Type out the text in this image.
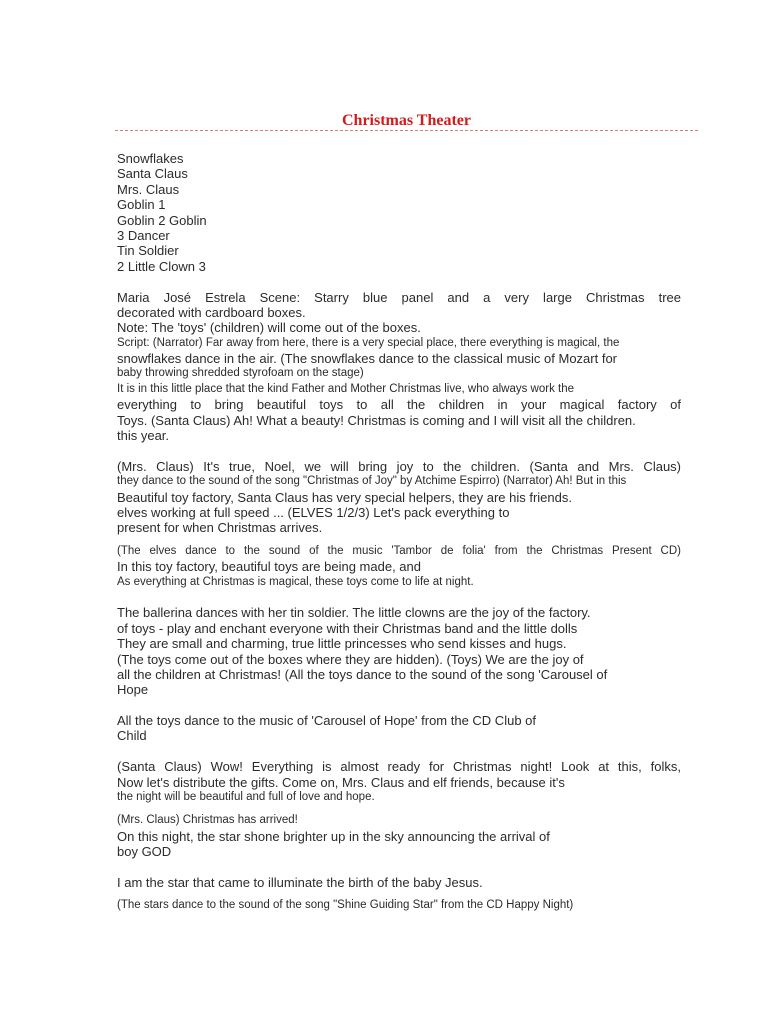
Christmas Theater
Snowflakes
Santa Claus
Mrs. Claus
Goblin 1
Goblin 2 Goblin
3 Dancer
Tin Soldier
2 Little Clown 3
Maria José Estrela Scene: Starry blue panel and a very large Christmas tree
decorated with cardboard boxes.
Note: The 'toys' (children) will come out of the boxes.
Script: (Narrator) Far away from here, there is a very special place, there everything is magical, the
snowflakes dance in the air. (The snowflakes dance to the classical music of Mozart for
baby throwing shredded styrofoam on the stage)
It is in this little place that the kind Father and Mother Christmas live, who always work the
everything to bring beautiful toys to all the children in your magical factory of
Toys. (Santa Claus) Ah! What a beauty! Christmas is coming and I will visit all the children.
this year.
(Mrs. Claus) It's true, Noel, we will bring joy to the children. (Santa and Mrs. Claus)
they dance to the sound of the song "Christmas of Joy" by Atchime Espirro) (Narrator) Ah! But in this
Beautiful toy factory, Santa Claus has very special helpers, they are his friends.
elves working at full speed ... (ELVES 1/2/3) Let's pack everything to
present for when Christmas arrives.
(The elves dance to the sound of the music 'Tambor de folia' from the Christmas Present CD)
In this toy factory, beautiful toys are being made, and
As everything at Christmas is magical, these toys come to life at night.
The ballerina dances with her tin soldier. The little clowns are the joy of the factory.
of toys - play and enchant everyone with their Christmas band and the little dolls
They are small and charming, true little princesses who send kisses and hugs.
(The toys come out of the boxes where they are hidden). (Toys) We are the joy of
all the children at Christmas! (All the toys dance to the sound of the song 'Carousel of
Hope
All the toys dance to the music of 'Carousel of Hope' from the CD Club of
Child
(Santa Claus) Wow! Everything is almost ready for Christmas night! Look at this, folks,
Now let's distribute the gifts. Come on, Mrs. Claus and elf friends, because it's
the night will be beautiful and full of love and hope.
(Mrs. Claus) Christmas has arrived!
On this night, the star shone brighter up in the sky announcing the arrival of
boy GOD
I am the star that came to illuminate the birth of the baby Jesus.
(The stars dance to the sound of the song "Shine Guiding Star" from the CD Happy Night)
